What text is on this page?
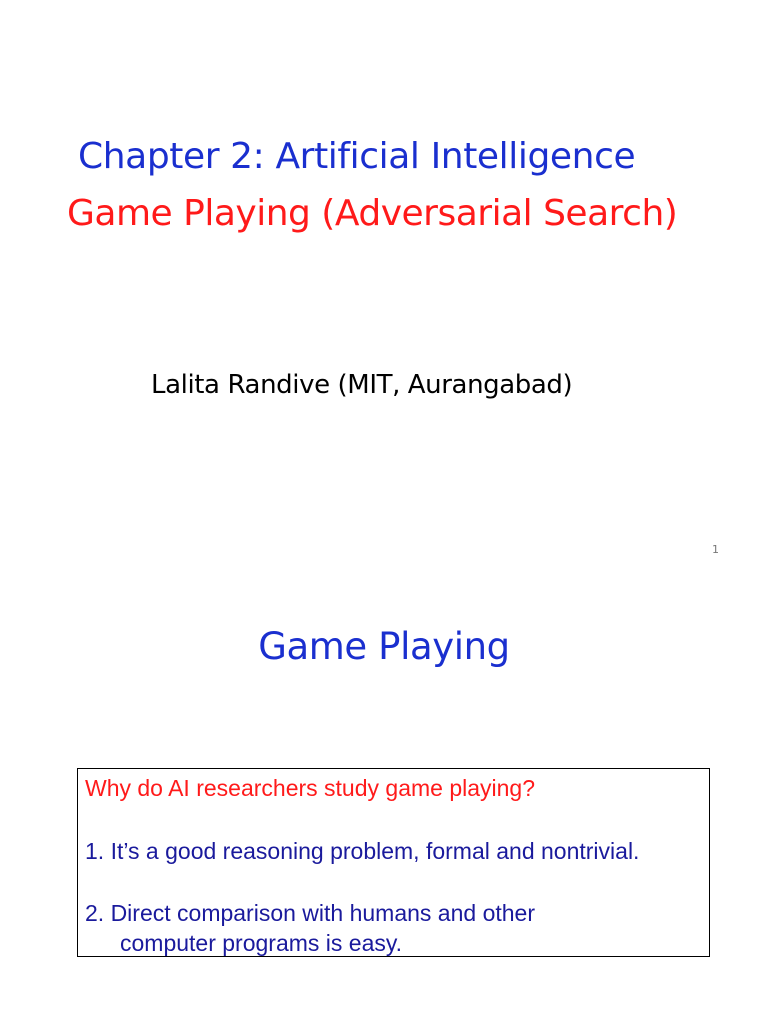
Chapter 2: Artificial Intelligence
Game Playing (Adversarial Search)
Lalita Randive (MIT, Aurangabad)
1
Game Playing
Why do AI researchers study game playing?
1. It’s a good reasoning problem, formal and nontrivial.
2. Direct comparison with humans and other
computer programs is easy.
